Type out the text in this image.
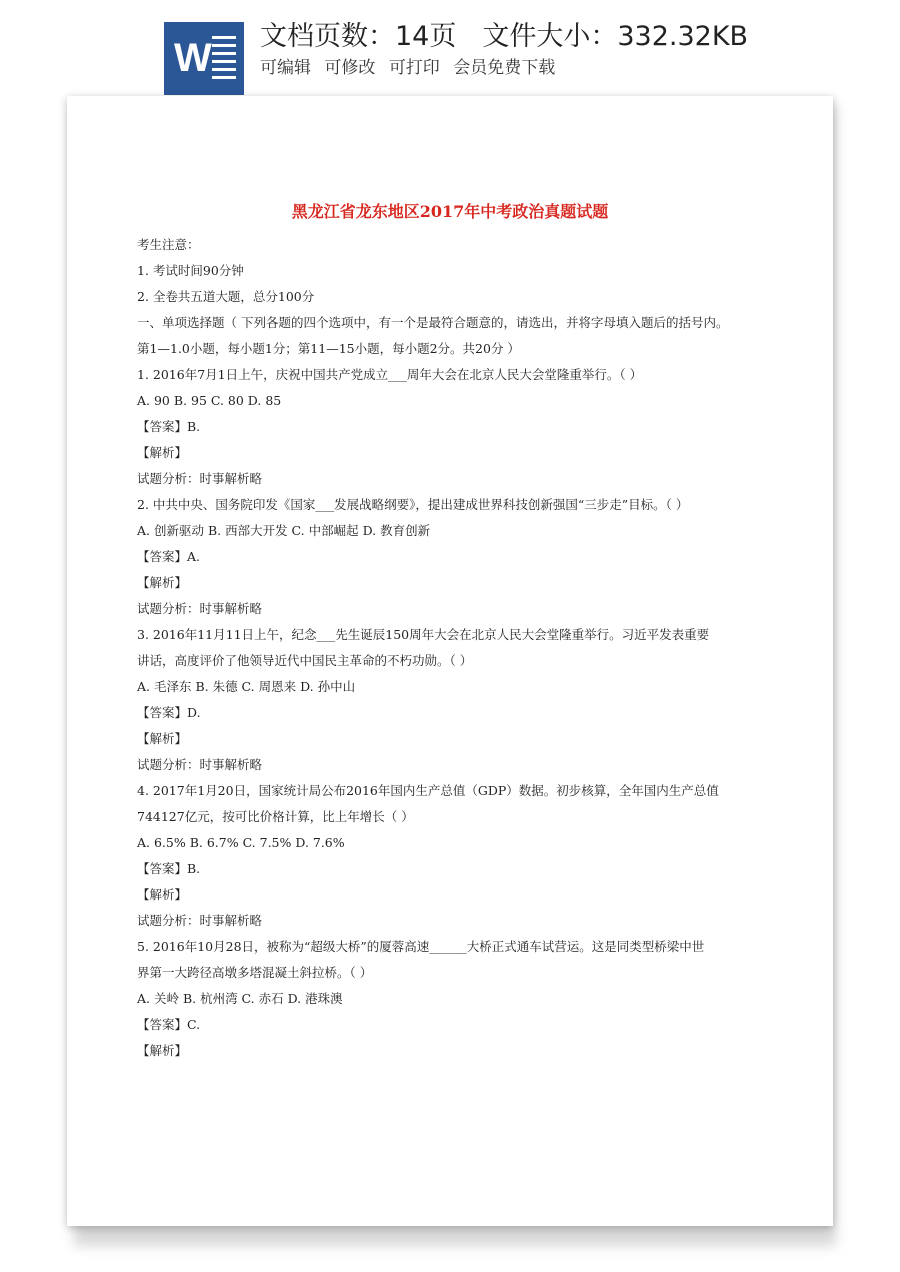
W 文档页数：14页 文件大小：332.32KB
可编辑 可修改 可打印 会员免费下载
黑龙江省龙东地区2017年中考政治真题试题
考生注意：
1. 考试时间90分钟
2. 全卷共五道大题，总分100分
一、单项选择题（ 下列各题的四个选项中，有一个是最符合题意的，请选出，并将字母填入题后的括号内。
第1—1.0小题，每小题1分；第11—15小题，每小题2分。共20分 ）
1. 2016年7月1日上午，庆祝中国共产党成立___周年大会在北京人民大会堂隆重举行。（ ）
A. 90 B. 95 C. 80 D. 85
【答案】B.
【解析】
试题分析：时事解析略
2. 中共中央、国务院印发《国家___发展战略纲要》，提出建成世界科技创新强国“三步走”目标。（ ）
A. 创新驱动 B. 西部大开发 C. 中部崛起 D. 教育创新
【答案】A.
【解析】
试题分析：时事解析略
3. 2016年11月11日上午，纪念___先生诞辰150周年大会在北京人民大会堂隆重举行。习近平发表重要
讲话，高度评价了他领导近代中国民主革命的不朽功勋。（ ）
A. 毛泽东 B. 朱德 C. 周恩来 D. 孙中山
【答案】D.
【解析】
试题分析：时事解析略
4. 2017年1月20日，国家统计局公布2016年国内生产总值（GDP）数据。初步核算，全年国内生产总值
744127亿元，按可比价格计算，比上年增长（ ）
A. 6.5% B. 6.7% C. 7.5% D. 7.6%
【答案】B.
【解析】
试题分析：时事解析略
5. 2016年10月28日，被称为“超级大桥”的厦蓉高速______大桥正式通车试营运。这是同类型桥梁中世
界第一大跨径高墩多塔混凝土斜拉桥。（ ）
A. 关岭 B. 杭州湾 C. 赤石 D. 港珠澳
【答案】C.
【解析】
